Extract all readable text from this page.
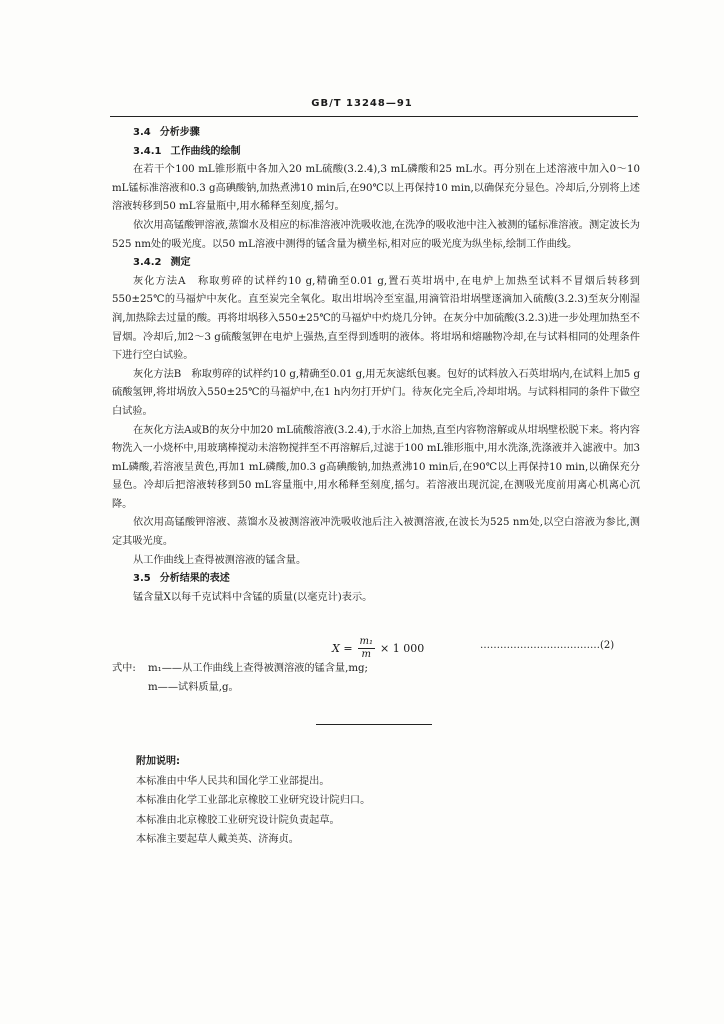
GB/T 13248—91

3.4 分析步骤

3.4.1 工作曲线的绘制

在若干个100 mL锥形瓶中各加入20 mL硫酸(3.2.4),3 mL磷酸和25 mL水。再分别在上述溶液中加入0～10 mL锰标准溶液和0.3 g高碘酸钠,加热煮沸10 min后,在90℃以上再保持10 min,以确保充分显色。冷却后,分别将上述溶液转移到50 mL容量瓶中,用水稀释至刻度,摇匀。

依次用高锰酸钾溶液,蒸馏水及相应的标准溶液冲洗吸收池,在洗净的吸收池中注入被测的锰标准溶液。测定波长为525 nm处的吸光度。以50 mL溶液中测得的锰含量为横坐标,相对应的吸光度为纵坐标,绘制工作曲线。

3.4.2 测定

灰化方法A　称取剪碎的试样约10 g,精确至0.01 g,置石英坩埚中,在电炉上加热至试料不冒烟后转移到550±25℃的马福炉中灰化。直至炭完全氧化。取出坩埚冷至室温,用滴管沿坩埚壁逐滴加入硫酸(3.2.3)至灰分刚湿润,加热除去过量的酸。再将坩埚移入550±25℃的马福炉中灼烧几分钟。在灰分中加硫酸(3.2.3)进一步处理加热至不冒烟。冷却后,加2～3 g硫酸氢钾在电炉上强热,直至得到透明的液体。将坩埚和熔融物冷却,在与试料相同的处理条件下进行空白试验。

灰化方法B　称取剪碎的试样约10 g,精确至0.01 g,用无灰滤纸包裹。包好的试料放入石英坩埚内,在试料上加5 g硫酸氢钾,将坩埚放入550±25℃的马福炉中,在1 h内勿打开炉门。待灰化完全后,冷却坩埚。与试料相同的条件下做空白试验。

在灰化方法A或B的灰分中加20 mL硫酸溶液(3.2.4),于水浴上加热,直至内容物溶解或从坩埚壁松脱下来。将内容物洗入一小烧杯中,用玻璃棒搅动未溶物搅拌至不再溶解后,过滤于100 mL锥形瓶中,用水洗涤,洗涤液并入滤液中。加3 mL磷酸,若溶液呈黄色,再加1 mL磷酸,加0.3 g高碘酸钠,加热煮沸10 min后,在90℃以上再保持10 min,以确保充分显色。冷却后把溶液转移到50 mL容量瓶中,用水稀释至刻度,摇匀。若溶液出现沉淀,在测吸光度前用离心机离心沉降。

依次用高锰酸钾溶液、蒸馏水及被测溶液冲洗吸收池后注入被测溶液,在波长为525 nm处,以空白溶液为参比,测定其吸光度。

从工作曲线上查得被测溶液的锰含量。

3.5 分析结果的表述

锰含量X以每千克试料中含锰的质量(以毫克计)表示。

$X = \frac{\text{m₁}}{m} \times 1$ 000	………………………………(2)
式中:	m₁——从工作曲线上查得被测溶液的锰含量,mg;
m——试料质量,g。

附加说明:

本标准由中华人民共和国化学工业部提出。

本标准由化学工业部北京橡胶工业研究设计院归口。

本标准由北京橡胶工业研究设计院负责起草。

本标准主要起草人戴美英、济海贞。
